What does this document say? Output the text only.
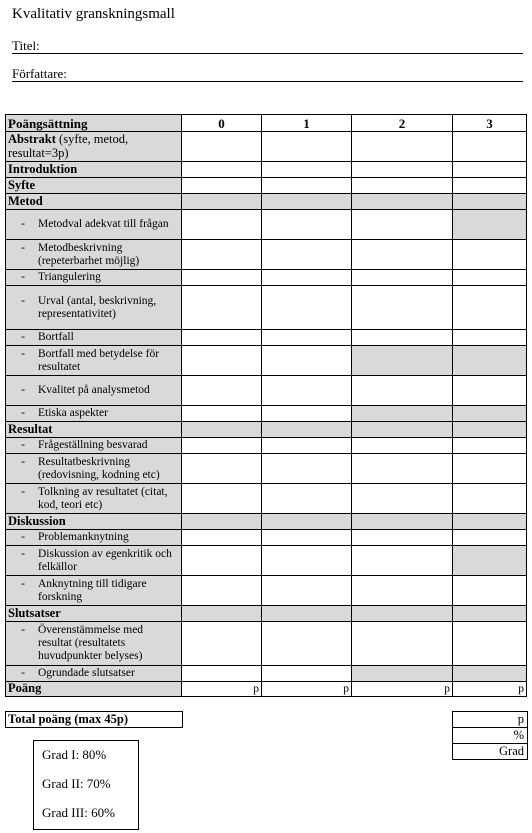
Kvalitativ granskningsmall
Titel:
Författare:
Poängsättning	0	1	2	3
Abstrakt (syfte, metod, resultat=3p)				
Introduktion				
Syfte				
Metod				

- Metodval adekvat till frågan				

- Metodbeskrivning (repeterbarhet möjlig)				

- Triangulering				

- Urval (antal, beskrivning, representativitet)				

- Bortfall				

- Bortfall med betydelse för resultatet				

- Kvalitet på analysmetod				

- Etiska aspekter				

Resultat				

- Frågeställning besvarad				

- Resultatbeskrivning (redovisning, kodning etc)				

- Tolkning av resultatet (citat, kod, teori etc)				

Diskussion				

- Problemanknytning				

- Diskussion av egenkritik och felkällor				

- Anknytning till tidigare forskning				

Slutsatser				

- Överenstämmelse med resultat (resultatets huvudpunkter belyses)				

- Ogrundade slutsatser				

Poäng	p	p	p	p
Total poäng (max 45p)	p
%
Grad
Grad I: 80%
Grad II: 70%
Grad III: 60%
